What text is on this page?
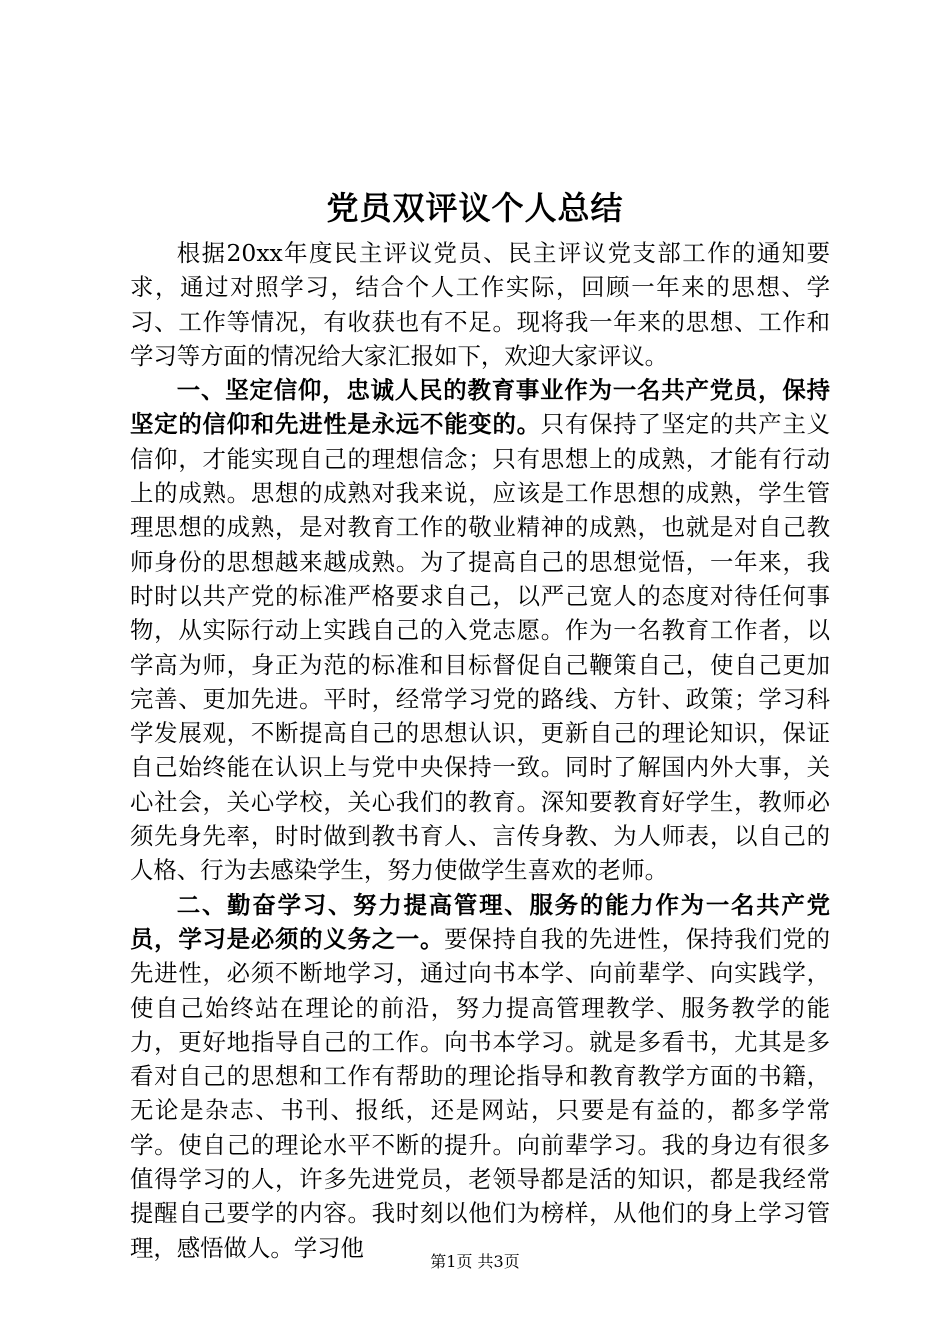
党员双评议个人总结

根据20xx年度民主评议党员、民主评议党支部工作的通知要求，通过对照学习，结合个人工作实际，回顾一年来的思想、学习、工作等情况，有收获也有不足。现将我一年来的思想、工作和学习等方面的情况给大家汇报如下，欢迎大家评议。

一、坚定信仰，忠诚人民的教育事业作为一名共产党员，保持坚定的信仰和先进性是永远不能变的。只有保持了坚定的共产主义信仰，才能实现自己的理想信念；只有思想上的成熟，才能有行动上的成熟。思想的成熟对我来说，应该是工作思想的成熟，学生管理思想的成熟，是对教育工作的敬业精神的成熟，也就是对自己教师身份的思想越来越成熟。为了提高自己的思想觉悟，一年来，我时时以共产党的标准严格要求自己，以严己宽人的态度对待任何事物，从实际行动上实践自己的入党志愿。作为一名教育工作者，以学高为师，身正为范的标准和目标督促自己鞭策自己，使自己更加完善、更加先进。平时，经常学习党的路线、方针、政策；学习科学发展观，不断提高自己的思想认识，更新自己的理论知识，保证自己始终能在认识上与党中央保持一致。同时了解国内外大事，关心社会，关心学校，关心我们的教育。深知要教育好学生，教师必须先身先率，时时做到教书育人、言传身教、为人师表，以自己的人格、行为去感染学生，努力使做学生喜欢的老师。

二、勤奋学习、努力提高管理、服务的能力作为一名共产党员，学习是必须的义务之一。要保持自我的先进性，保持我们党的先进性，必须不断地学习，通过向书本学、向前辈学、向实践学，使自己始终站在理论的前沿，努力提高管理教学、服务教学的能力，更好地指导自己的工作。向书本学习。就是多看书，尤其是多看对自己的思想和工作有帮助的理论指导和教育教学方面的书籍，无论是杂志、书刊、报纸，还是网站，只要是有益的，都多学常学。使自己的理论水平不断的提升。向前辈学习。我的身边有很多值得学习的人，许多先进党员，老领导都是活的知识，都是我经常提醒自己要学的内容。我时刻以他们为榜样，从他们的身上学习管理，感悟做人。学习他	第1页 共3页
